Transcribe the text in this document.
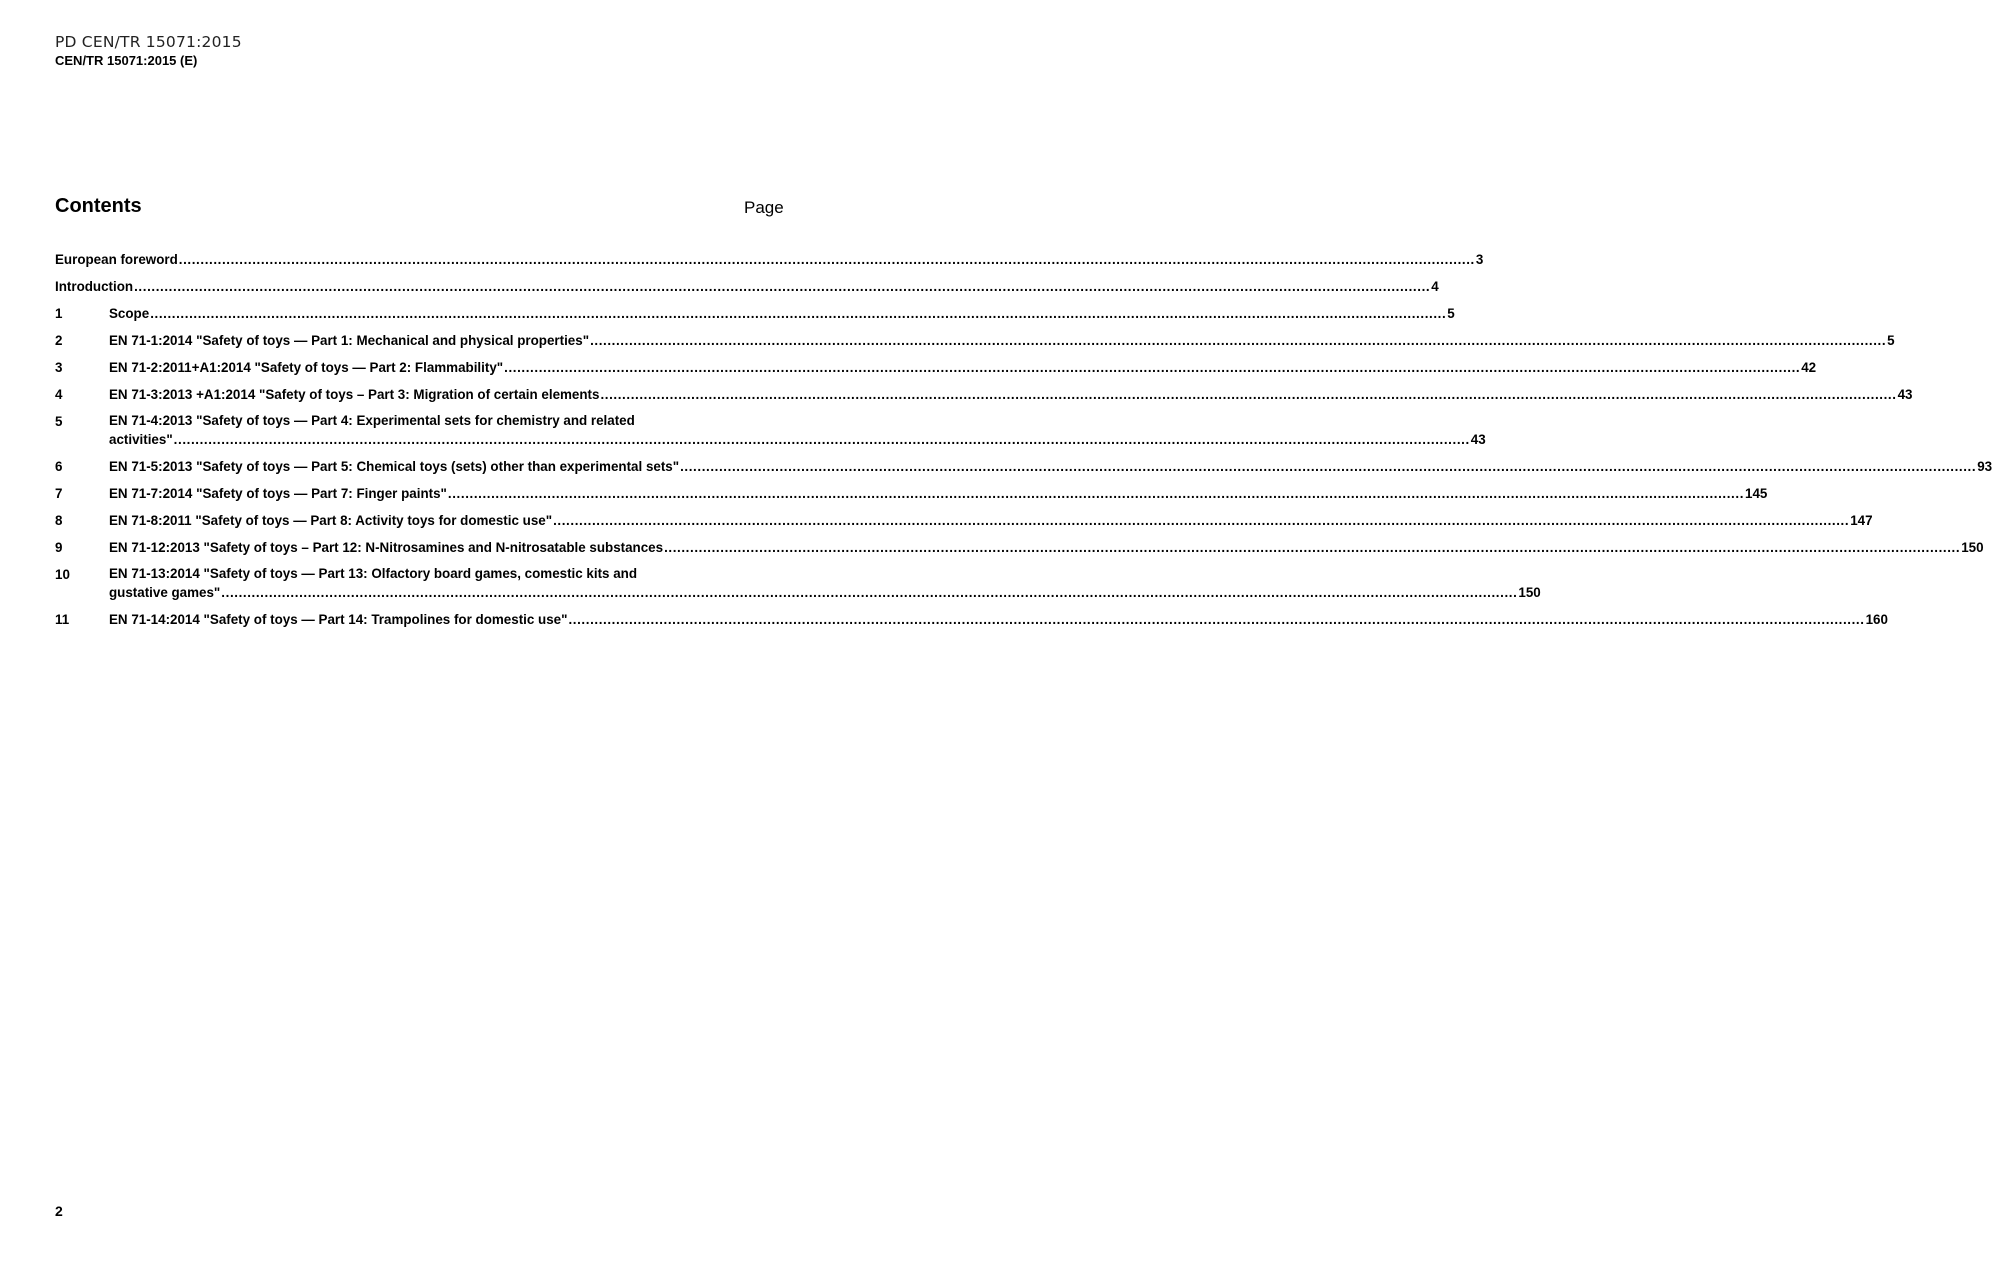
PD CEN/TR 15071:2015
CEN/TR 15071:2015 (E)
Contents	Page
European foreword ............................................................................................................................................................................................................................................................................................................ 3
Introduction ............................................................................................................................................................................................................................................................................................................ 4
1	Scope ............................................................................................................................................................................................................................................................................................................ 5
2	EN 71-1:2014 "Safety of toys — Part 1: Mechanical and physical properties" ............................................................................................................................................................................................................................................................................................................ 5
3	EN 71-2:2011+A1:2014 "Safety of toys — Part 2: Flammability" ............................................................................................................................................................................................................................................................................................................ 42
4	EN 71-3:2013 +A1:2014 "Safety of toys – Part 3: Migration of certain elements ............................................................................................................................................................................................................................................................................................................ 43
5	EN 71-4:2013 "Safety of toys — Part 4: Experimental sets for chemistry and related
activities" ............................................................................................................................................................................................................................................................................................................ 43
6	EN 71-5:2013 "Safety of toys — Part 5: Chemical toys (sets) other than experimental sets" ............................................................................................................................................................................................................................................................................................................ 93
7	EN 71-7:2014 "Safety of toys — Part 7: Finger paints" ............................................................................................................................................................................................................................................................................................................ 145
8	EN 71-8:2011 "Safety of toys — Part 8: Activity toys for domestic use" ............................................................................................................................................................................................................................................................................................................ 147
9	EN 71-12:2013 "Safety of toys – Part 12: N-Nitrosamines and N-nitrosatable substances ............................................................................................................................................................................................................................................................................................................ 150
10	EN 71-13:2014 "Safety of toys — Part 13: Olfactory board games, comestic kits and
gustative games" ............................................................................................................................................................................................................................................................................................................ 150
11	EN 71-14:2014 "Safety of toys — Part 14: Trampolines for domestic use" ............................................................................................................................................................................................................................................................................................................ 160
2
